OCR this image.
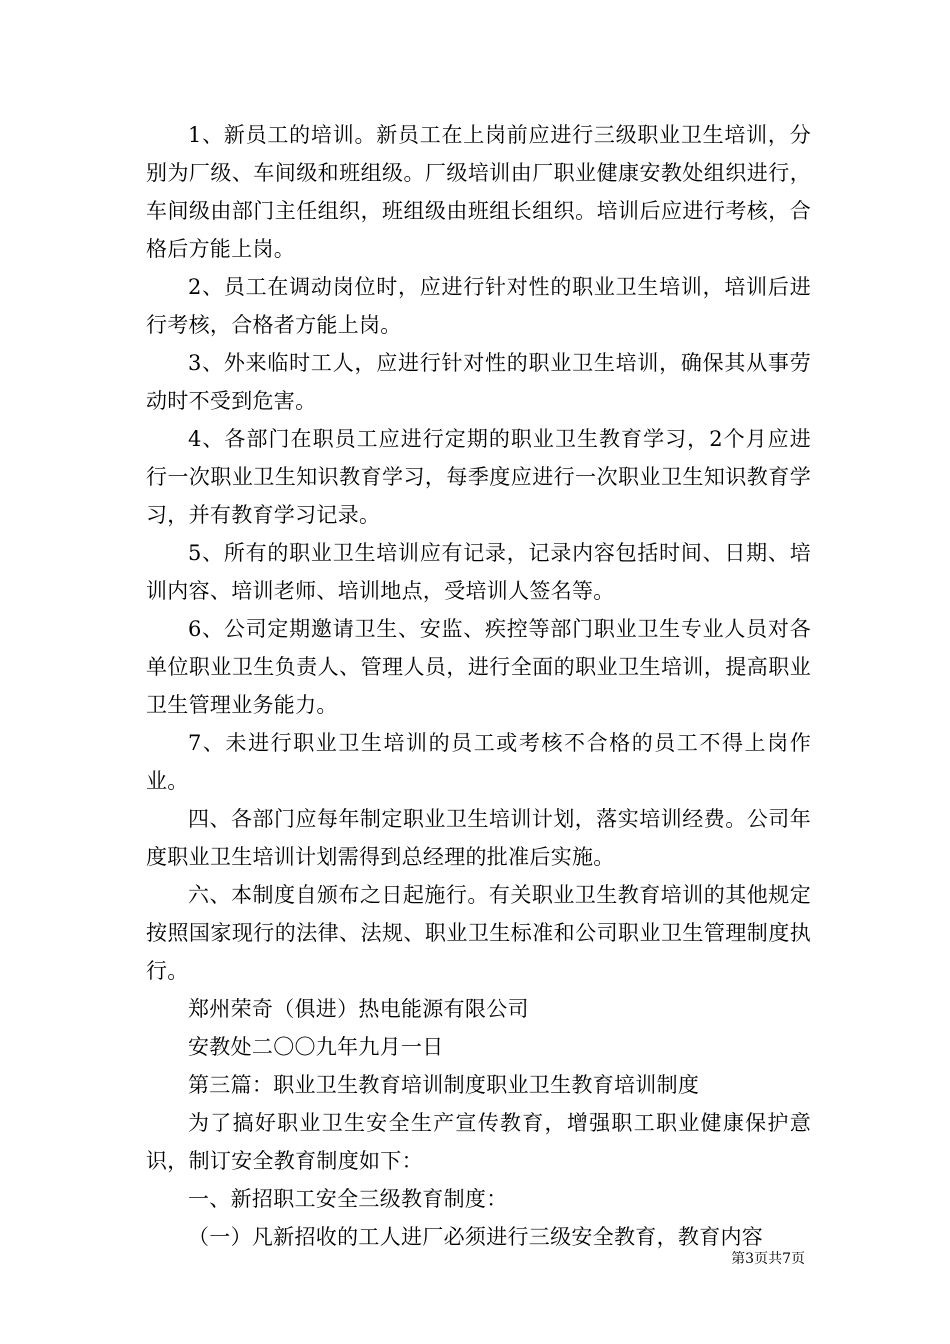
1、新员工的培训。新员工在上岗前应进行三级职业卫生培训，分别为厂级、车间级和班组级。厂级培训由厂职业健康安教处组织进行，车间级由部门主任组织，班组级由班组长组织。培训后应进行考核，合格后方能上岗。

2、员工在调动岗位时，应进行针对性的职业卫生培训，培训后进行考核，合格者方能上岗。

3、外来临时工人，应进行针对性的职业卫生培训，确保其从事劳动时不受到危害。

4、各部门在职员工应进行定期的职业卫生教育学习，2个月应进行一次职业卫生知识教育学习，每季度应进行一次职业卫生知识教育学习，并有教育学习记录。

5、所有的职业卫生培训应有记录，记录内容包括时间、日期、培训内容、培训老师、培训地点，受培训人签名等。

6、公司定期邀请卫生、安监、疾控等部门职业卫生专业人员对各单位职业卫生负责人、管理人员，进行全面的职业卫生培训，提高职业卫生管理业务能力。

7、未进行职业卫生培训的员工或考核不合格的员工不得上岗作业。

四、各部门应每年制定职业卫生培训计划，落实培训经费。公司年度职业卫生培训计划需得到总经理的批准后实施。

六、本制度自颁布之日起施行。有关职业卫生教育培训的其他规定按照国家现行的法律、法规、职业卫生标准和公司职业卫生管理制度执行。

郑州荣奇（俱进）热电能源有限公司

安教处二〇〇九年九月一日

第三篇：职业卫生教育培训制度职业卫生教育培训制度

为了搞好职业卫生安全生产宣传教育，增强职工职业健康保护意识，制订安全教育制度如下：

一、新招职工安全三级教育制度：

（一）凡新招收的工人进厂必须进行三级安全教育，教育内容

第3页共7页
